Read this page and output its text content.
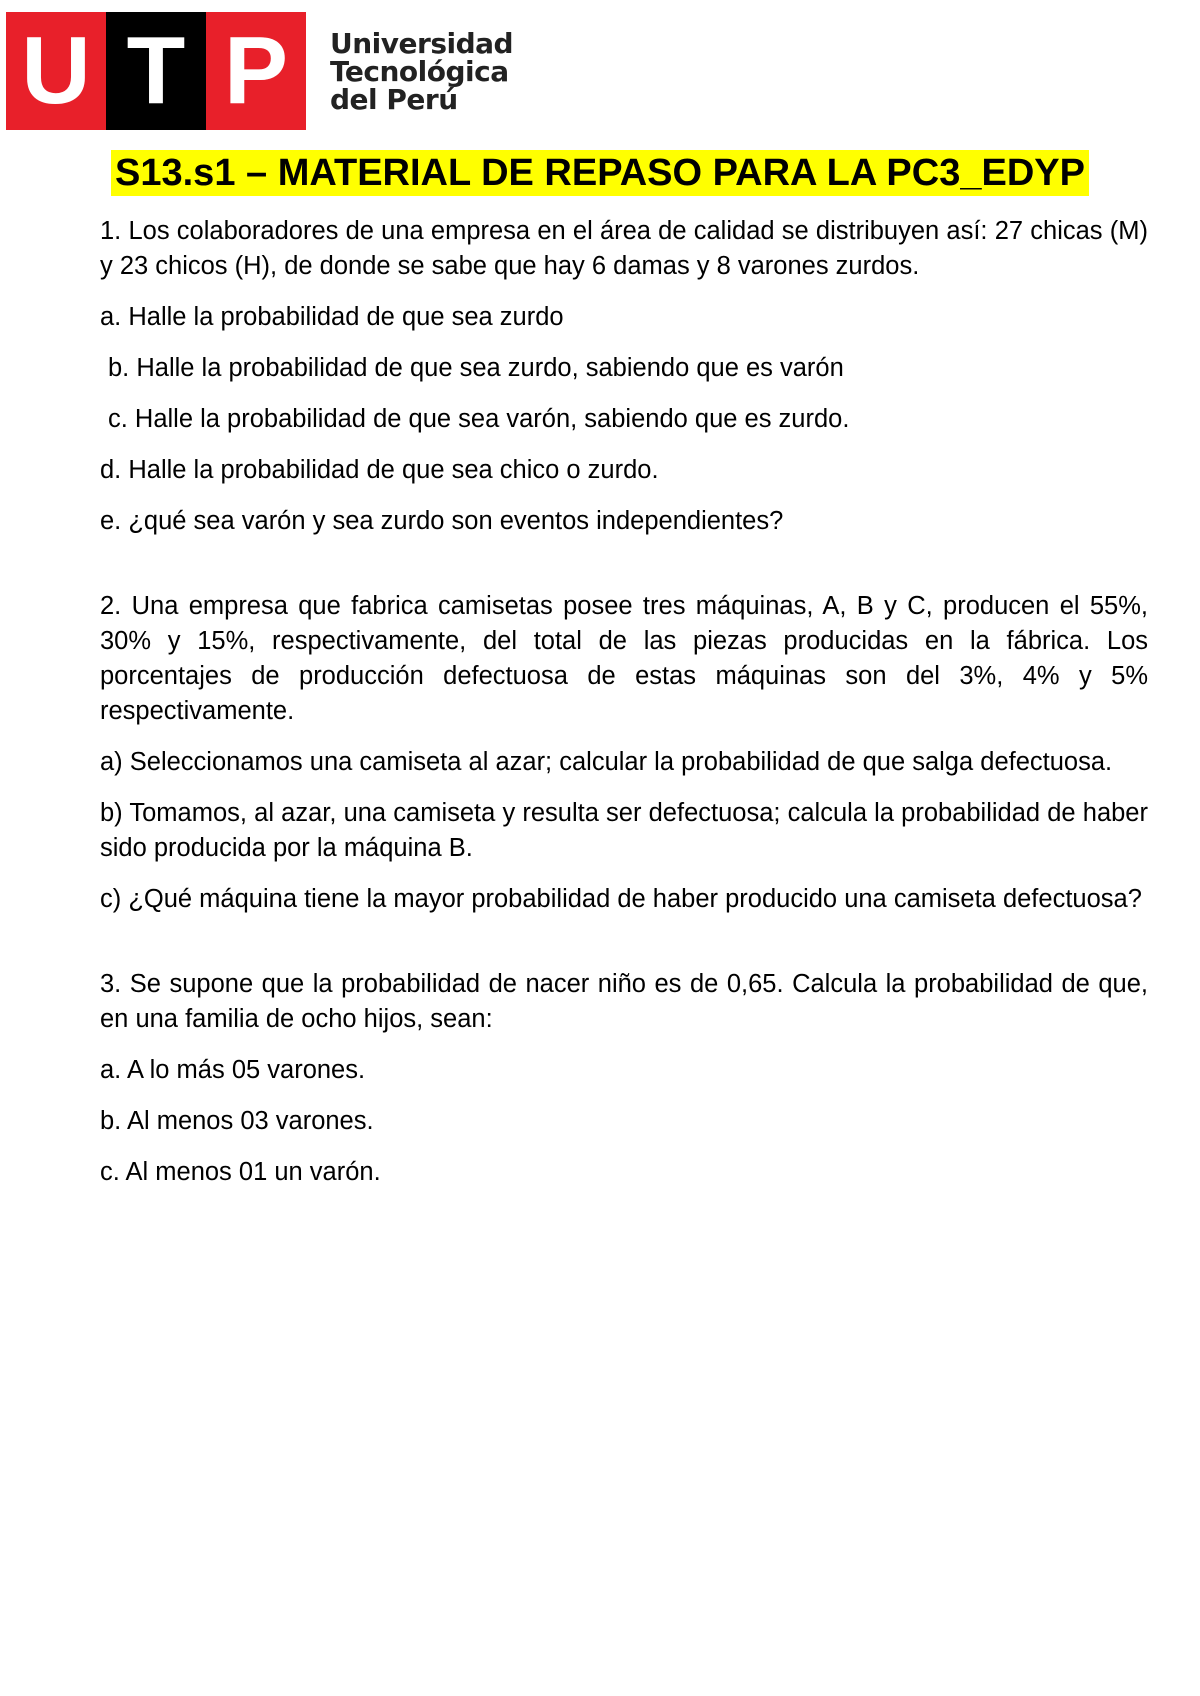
U T P	Universidad
Tecnológica
del Perú
S13.s1 – MATERIAL DE REPASO PARA LA PC3_EDYP

1. Los colaboradores de una empresa en el área de calidad se distribuyen así: 27 chicas (M) y 23 chicos (H), de donde se sabe que hay 6 damas y 8 varones zurdos.

a. Halle la probabilidad de que sea zurdo

b. Halle la probabilidad de que sea zurdo, sabiendo que es varón

c. Halle la probabilidad de que sea varón, sabiendo que es zurdo.

d. Halle la probabilidad de que sea chico o zurdo.

e. ¿qué sea varón y sea zurdo son eventos independientes?

2. Una empresa que fabrica camisetas posee tres máquinas, A, B y C, producen el 55%, 30% y 15%, respectivamente, del total de las piezas producidas en la fábrica. Los porcentajes de producción defectuosa de estas máquinas son del 3%, 4% y 5% respectivamente.

a) Seleccionamos una camiseta al azar; calcular la probabilidad de que salga defectuosa.

b) Tomamos, al azar, una camiseta y resulta ser defectuosa; calcula la probabilidad de haber sido producida por la máquina B.

c) ¿Qué máquina tiene la mayor probabilidad de haber producido una camiseta defectuosa?

3. Se supone que la probabilidad de nacer niño es de 0,65. Calcula la probabilidad de que, en una familia de ocho hijos, sean:

a. A lo más 05 varones.

b. Al menos 03 varones.

c. Al menos 01 un varón.
